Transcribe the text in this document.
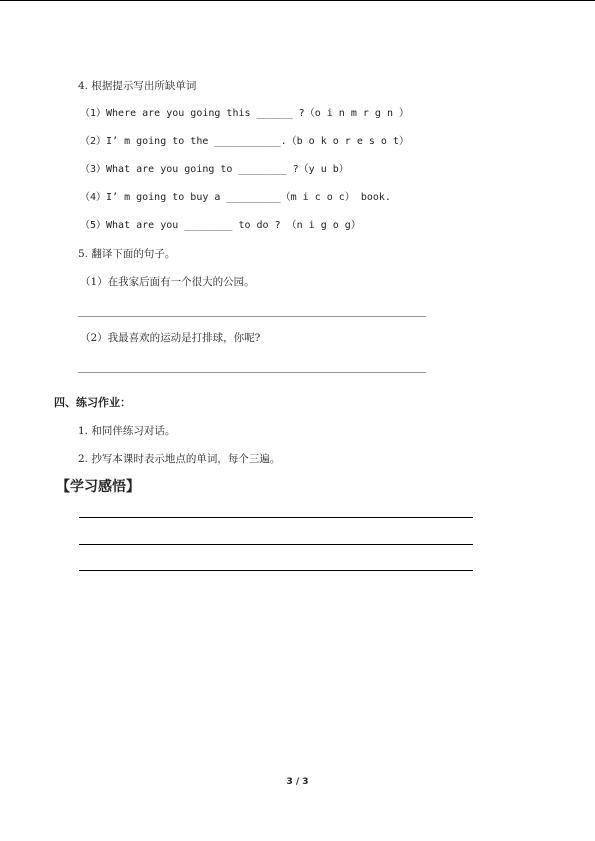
4. 根据提示写出所缺单词
（1）Where are you going this ______ ?（o i n m r g n ）
（2）I’ m going to the ___________.（b o k o r e s o t）
（3）What are you going to ________ ?（y u b）
（4）I’ m going to buy a _________（m i c o c） book.
（5）What are you ________ to do ? （n i g o g）
5. 翻译下面的句子。
（1）在我家后面有一个很大的公园。
（2）我最喜欢的运动是打排球，你呢?
四、练习作业：
1. 和同伴练习对话。
2. 抄写本课时表示地点的单词，每个三遍。
【学习感悟】
3 / 3
